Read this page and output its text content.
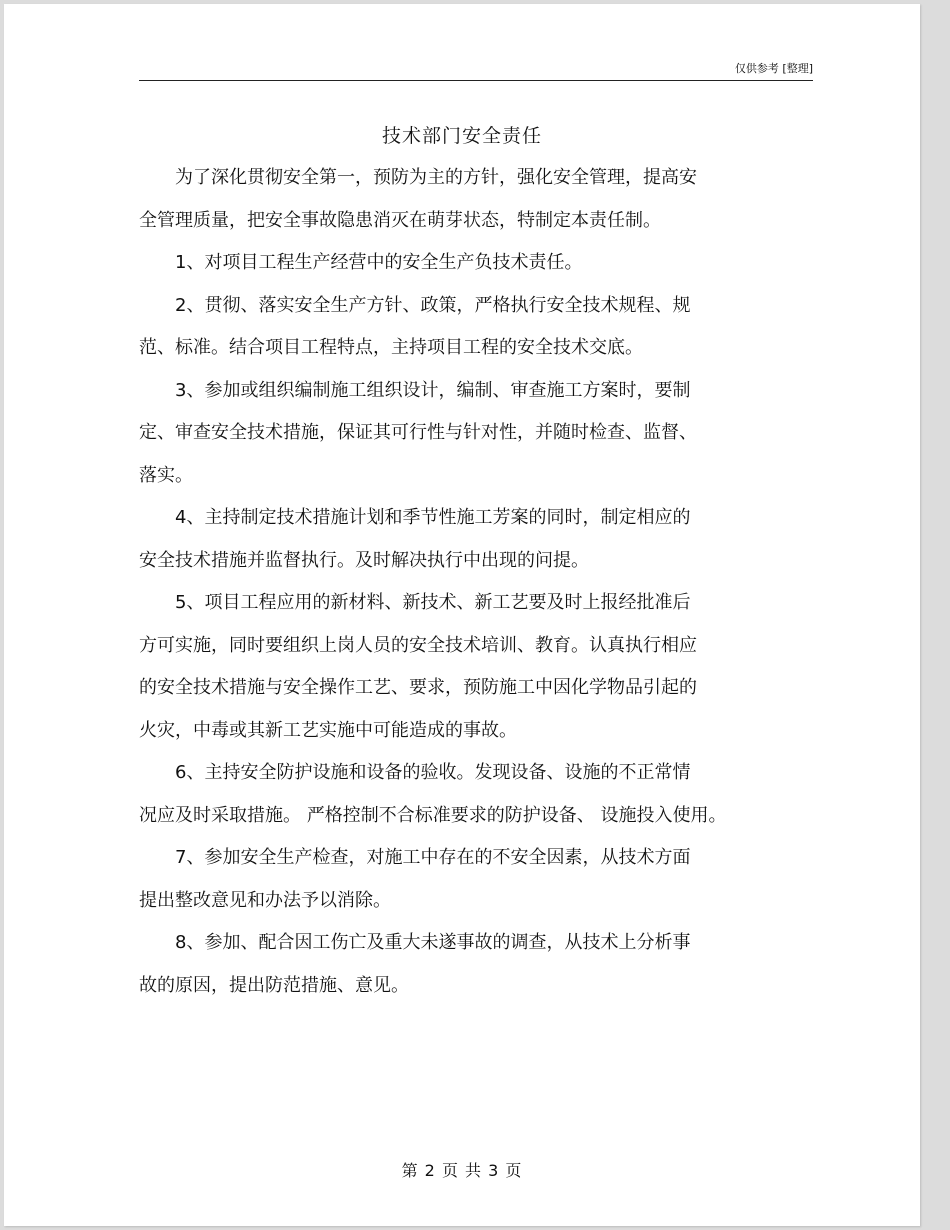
仅供参考 [整理]
技术部门安全责任

　　为了深化贯彻安全第一，预防为主的方针，强化安全管理，提高安

全管理质量，把安全事故隐患消灭在萌芽状态，特制定本责任制。

　　1、对项目工程生产经营中的安全生产负技术责任。

　　2、贯彻、落实安全生产方针、政策，严格执行安全技术规程、规

范、标准。结合项目工程特点，主持项目工程的安全技术交底。

　　3、参加或组织编制施工组织设计，编制、审查施工方案时，要制

定、审查安全技术措施，保证其可行性与针对性，并随时检查、监督、

落实。

　　4、主持制定技术措施计划和季节性施工芳案的同时，制定相应的

安全技术措施并监督执行。及时解决执行中出现的问提。

　　5、项目工程应用的新材料、新技术、新工艺要及时上报经批准后

方可实施，同时要组织上岗人员的安全技术培训、教育。认真执行相应

的安全技术措施与安全操作工艺、要求，预防施工中因化学物品引起的

火灾，中毒或其新工艺实施中可能造成的事故。

　　6、主持安全防护设施和设备的验收。发现设备、设施的不正常情

况应及时采取措施。 严格控制不合标准要求的防护设备、 设施投入使用。

　　7、参加安全生产检查，对施工中存在的不安全因素，从技术方面

提出整改意见和办法予以消除。

　　8、参加、配合因工伤亡及重大未遂事故的调查，从技术上分析事

故的原因，提出防范措施、意见。

第 2 页 共 3 页
